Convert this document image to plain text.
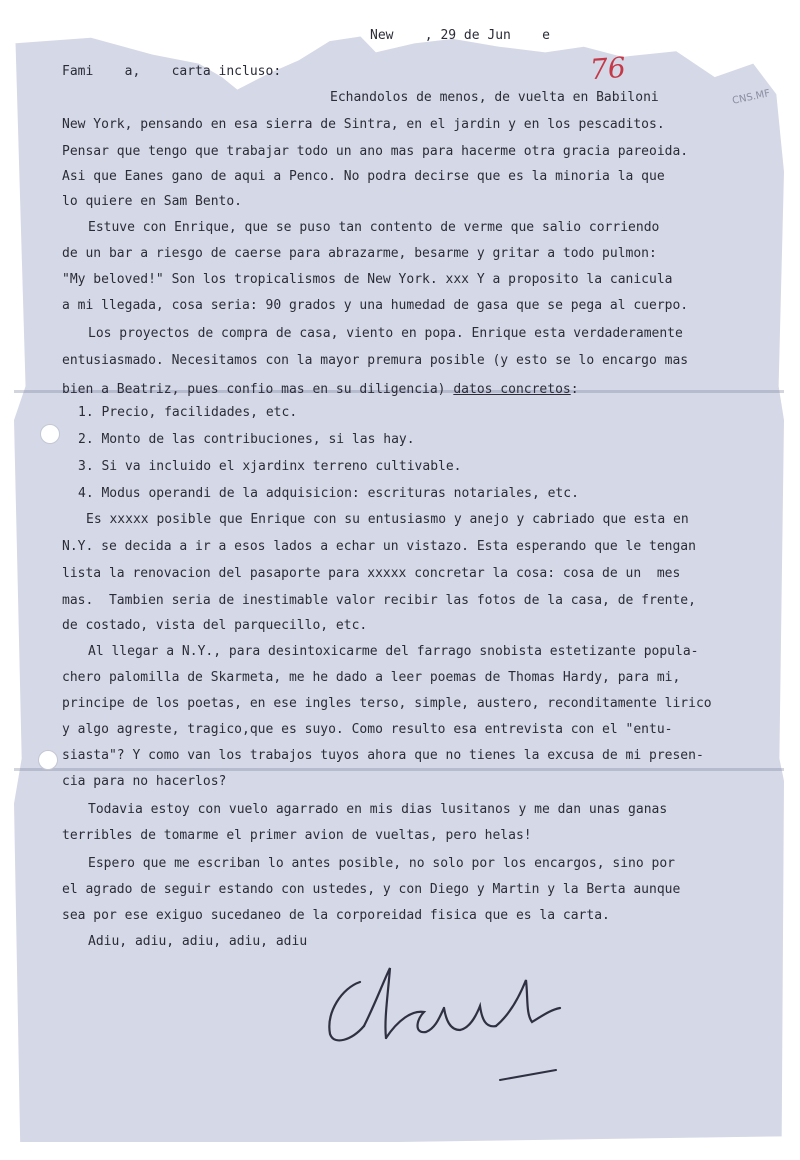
New    , 29 de Jun    e
76
CNS.MF
Fami    a,    carta incluso:
Echandolos de menos, de vuelta en Babiloni
New York, pensando en esa sierra de Sintra, en el jardin y en los pescaditos.
Pensar que tengo que trabajar todo un ano mas para hacerme otra gracia pareoida.
Asi que Eanes gano de aqui a Penco. No podra decirse que es la minoria la que
lo quiere en Sam Bento.
Estuve con Enrique, que se puso tan contento de verme que salio corriendo
de un bar a riesgo de caerse para abrazarme, besarme y gritar a todo pulmon:
"My beloved!" Son los tropicalismos de New York. xxx Y a proposito la canicula
a mi llegada, cosa seria: 90 grados y una humedad de gasa que se pega al cuerpo.
Los proyectos de compra de casa, viento en popa. Enrique esta verdaderamente
entusiasmado. Necesitamos con la mayor premura posible (y esto se lo encargo mas
bien a Beatriz, pues confio mas en su diligencia) datos concretos:
1. Precio, facilidades, etc.
2. Monto de las contribuciones, si las hay.
3. Si va incluido el xjardinx terreno cultivable.
4. Modus operandi de la adquisicion: escrituras notariales, etc.
Es xxxxx posible que Enrique con su entusiasmo y anejo y cabriado que esta en
N.Y. se decida a ir a esos lados a echar un vistazo. Esta esperando que le tengan
lista la renovacion del pasaporte para xxxxx concretar la cosa: cosa de un  mes
mas.  Tambien seria de inestimable valor recibir las fotos de la casa, de frente,
de costado, vista del parquecillo, etc.
Al llegar a N.Y., para desintoxicarme del farrago snobista estetizante popula-
chero palomilla de Skarmeta, me he dado a leer poemas de Thomas Hardy, para mi,
principe de los poetas, en ese ingles terso, simple, austero, reconditamente lirico
y algo agreste, tragico,que es suyo. Como resulto esa entrevista con el "entu-
siasta"? Y como van los trabajos tuyos ahora que no tienes la excusa de mi presen-
cia para no hacerlos?
Todavia estoy con vuelo agarrado en mis dias lusitanos y me dan unas ganas
terribles de tomarme el primer avion de vueltas, pero helas!
Espero que me escriban lo antes posible, no solo por los encargos, sino por
el agrado de seguir estando con ustedes, y con Diego y Martin y la Berta aunque
sea por ese exiguo sucedaneo de la corporeidad fisica que es la carta.
Adiu, adiu, adiu, adiu, adiu
